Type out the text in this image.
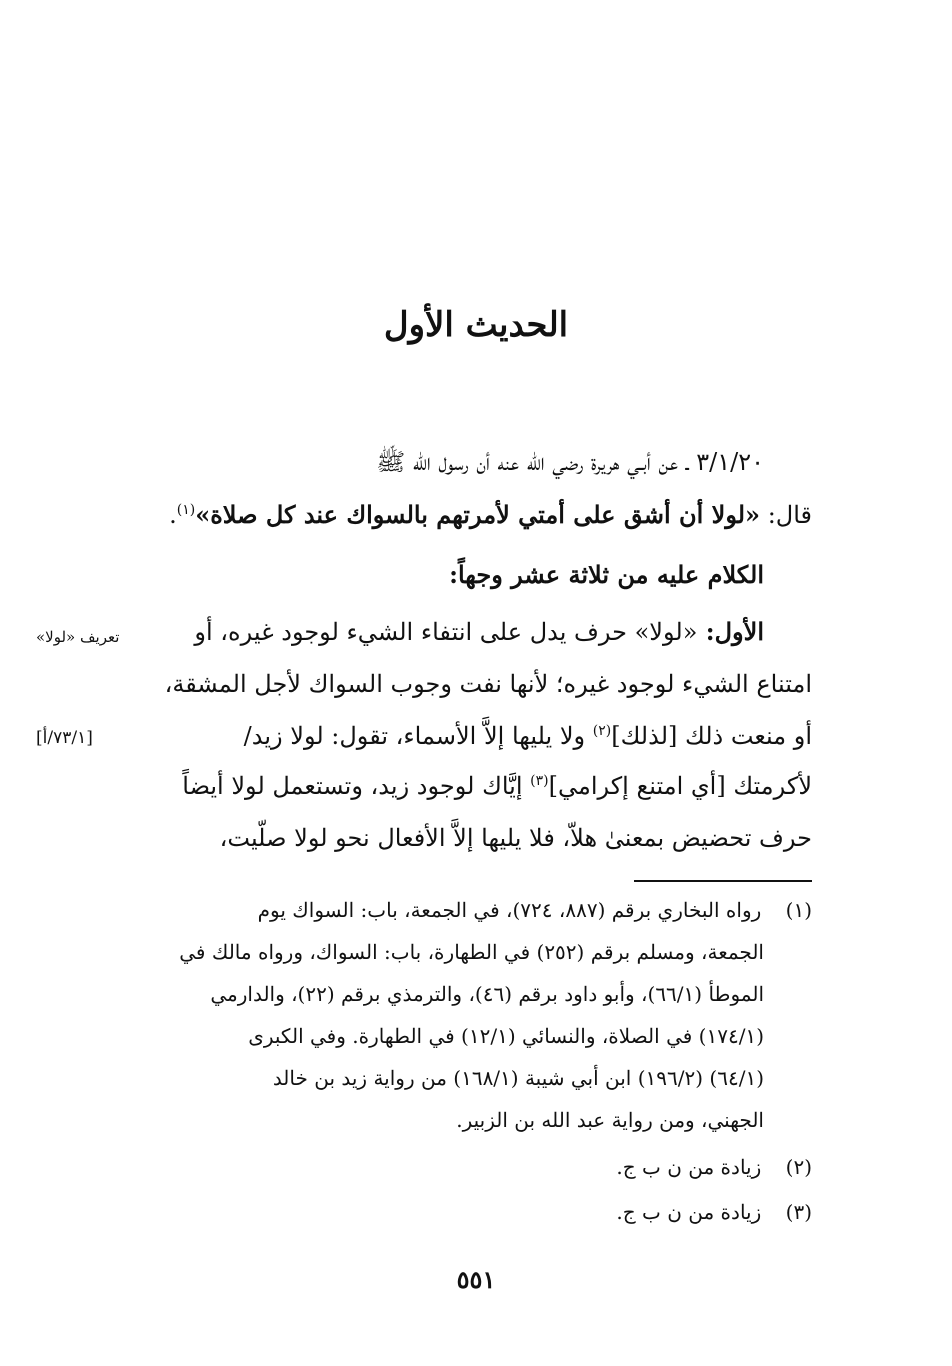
الحديث الأول
٣/١/٢٠ ـ عن أبـي هريرة رضي الله عنه أن رسول الله ﷺ
قال: «لولا أن أشق على أمتي لأمرتهم بالسواك عند كل صلاة»$^{(١)}$.
الكلام عليه من ثلاثة عشر وجهاً:
الأول: «لولا» حرف يدل على انتفاء الشيء لوجود غيره، أو
امتناع الشيء لوجود غيره؛ لأنها نفت وجوب السواك لأجل المشقة،
أو منعت ذلك [لذلك]$^{(٢)}$ ولا يليها إلاَّ الأسماء، تقول: لولا زيد/
لأكرمتك [أي امتنع إكرامي]$^{(٣)}$ إيَّاك لوجود زيد، وتستعمل لولا أيضاً
حرف تحضيض بمعنىٰ هلاّ، فلا يليها إلاَّ الأفعال نحو لولا صلّيت،
تعريف «لولا»
[٧٣/١/أ]
(١) رواه البخاري برقم (٨٨٧، ٧٢٤)، في الجمعة، باب: السواك يوم
الجمعة، ومسلم برقم (٢٥٢) في الطهارة، باب: السواك، ورواه مالك في
الموطأ (٦٦/١)، وأبو داود برقم (٤٦)، والترمذي برقم (٢٢)، والدارمي
(١٧٤/١) في الصلاة، والنسائي (١٢/١) في الطهارة. وفي الكبرى
(٦٤/١) (١٩٦/٢) ابن أبي شيبة (١٦٨/١) من رواية زيد بن خالد
الجهني، ومن رواية عبد الله بن الزبير.
(٢) زيادة من ن ب ج.
(٣) زيادة من ن ب ج.
٥٥١
